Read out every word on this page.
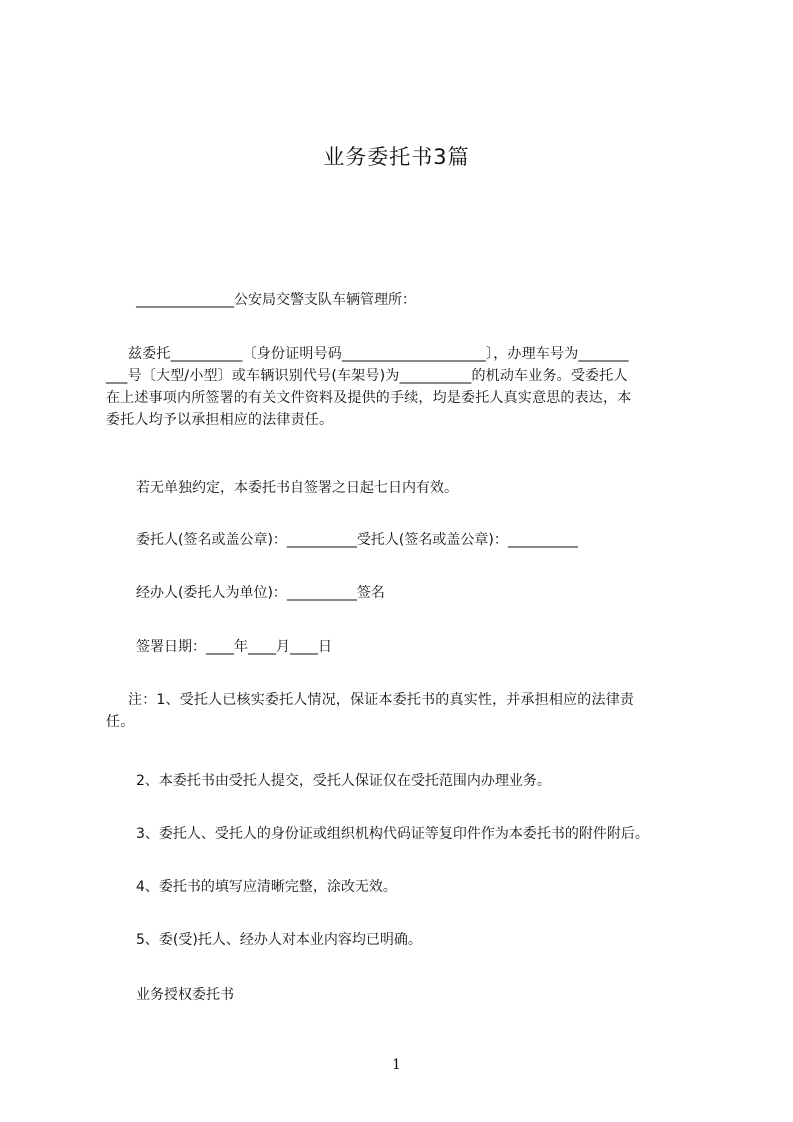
业务委托书3篇
______________公安局交警支队车辆管理所：

兹委托__________〔身份证明号码____________________〕，办理车号为_______

___号〔大型/小型〕或车辆识别代号(车架号)为__________的机动车业务。受委托人

在上述事项内所签署的有关文件资料及提供的手续，均是委托人真实意思的表达，本

委托人均予以承担相应的法律责任。

若无单独约定，本委托书自签署之日起七日内有效。
委托人(签名或盖公章)：__________受托人(签名或盖公章)：__________
经办人(委托人为单位)：__________签名
签署日期：____年____月____日

注：1、受托人已核实委托人情况，保证本委托书的真实性，并承担相应的法律责

任。

2、本委托书由受托人提交，受托人保证仅在受托范围内办理业务。
3、委托人、受托人的身份证或组织机构代码证等复印件作为本委托书的附件附后。
4、委托书的填写应清晰完整，涂改无效。
5、委(受)托人、经办人对本业内容均已明确。
业务授权委托书
1
